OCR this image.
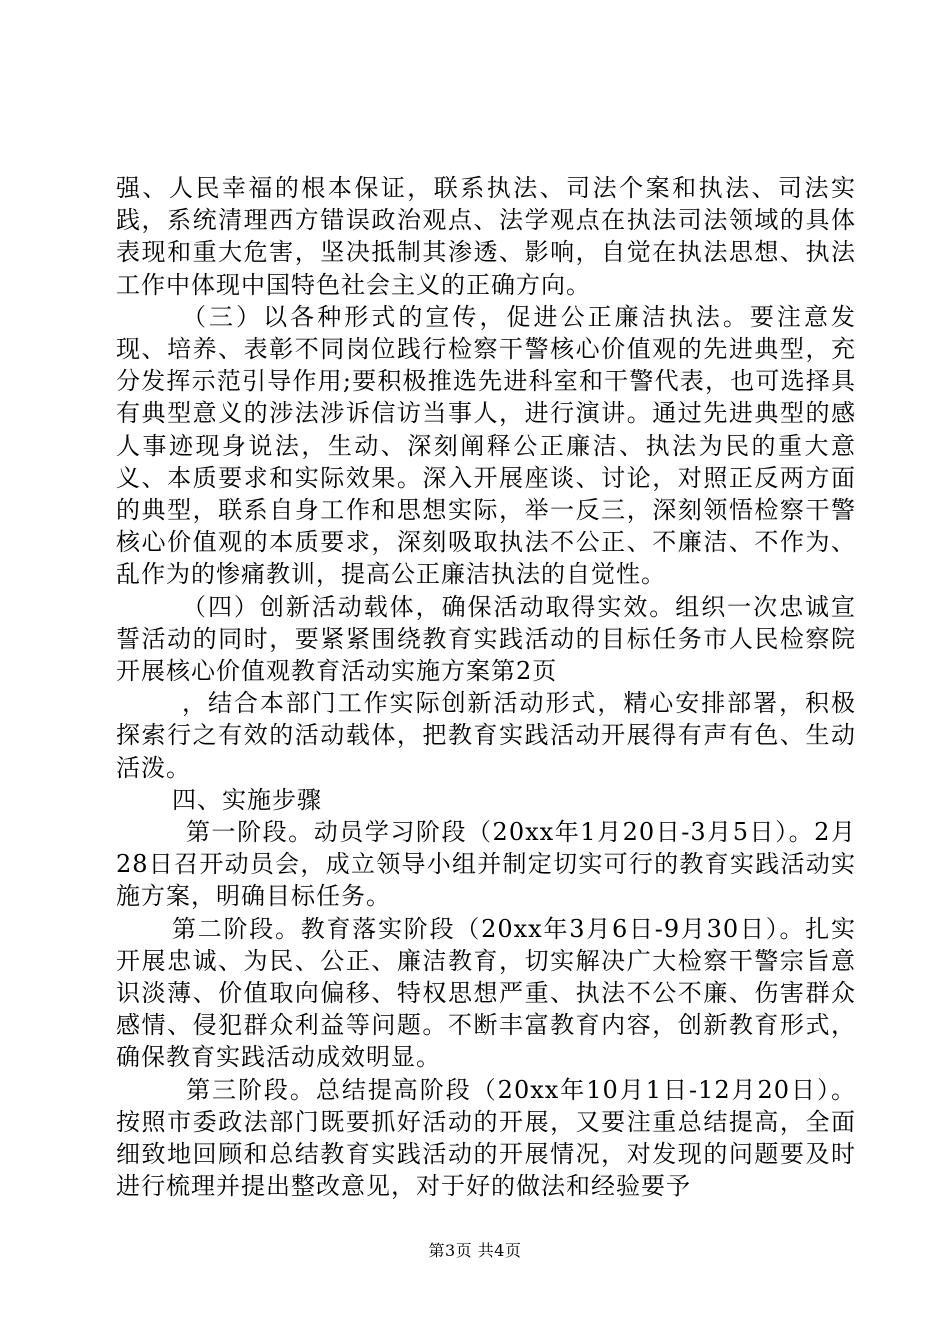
强、人民幸福的根本保证，联系执法、司法个案和执法、司法实践，系统清理西方错误政治观点、法学观点在执法司法领域的具体表现和重大危害，坚决抵制其渗透、影响，自觉在执法思想、执法工作中体现中国特色社会主义的正确方向。

（三）以各种形式的宣传，促进公正廉洁执法。要注意发现、培养、表彰不同岗位践行检察干警核心价值观的先进典型，充分发挥示范引导作用;要积极推选先进科室和干警代表，也可选择具有典型意义的涉法涉诉信访当事人，进行演讲。通过先进典型的感人事迹现身说法，生动、深刻阐释公正廉洁、执法为民的重大意义、本质要求和实际效果。深入开展座谈、讨论，对照正反两方面的典型，联系自身工作和思想实际，举一反三，深刻领悟检察干警核心价值观的本质要求，深刻吸取执法不公正、不廉洁、不作为、乱作为的惨痛教训，提高公正廉洁执法的自觉性。

（四）创新活动载体，确保活动取得实效。组织一次忠诚宣誓活动的同时，要紧紧围绕教育实践活动的目标任务市人民检察院开展核心价值观教育活动实施方案第2页

，结合本部门工作实际创新活动形式，精心安排部署，积极探索行之有效的活动载体，把教育实践活动开展得有声有色、生动活泼。

四、实施步骤

第一阶段。动员学习阶段（20xx年1月20日-3月5日）。2月28日召开动员会，成立领导小组并制定切实可行的教育实践活动实施方案，明确目标任务。

第二阶段。教育落实阶段（20xx年3月6日-9月30日）。扎实开展忠诚、为民、公正、廉洁教育，切实解决广大检察干警宗旨意识淡薄、价值取向偏移、特权思想严重、执法不公不廉、伤害群众感情、侵犯群众利益等问题。不断丰富教育内容，创新教育形式，确保教育实践活动成效明显。

第三阶段。总结提高阶段（20xx年10月1日-12月20日）。按照市委政法部门既要抓好活动的开展，又要注重总结提高，全面细致地回顾和总结教育实践活动的开展情况，对发现的问题要及时进行梳理并提出整改意见，对于好的做法和经验要予

第3页 共4页
